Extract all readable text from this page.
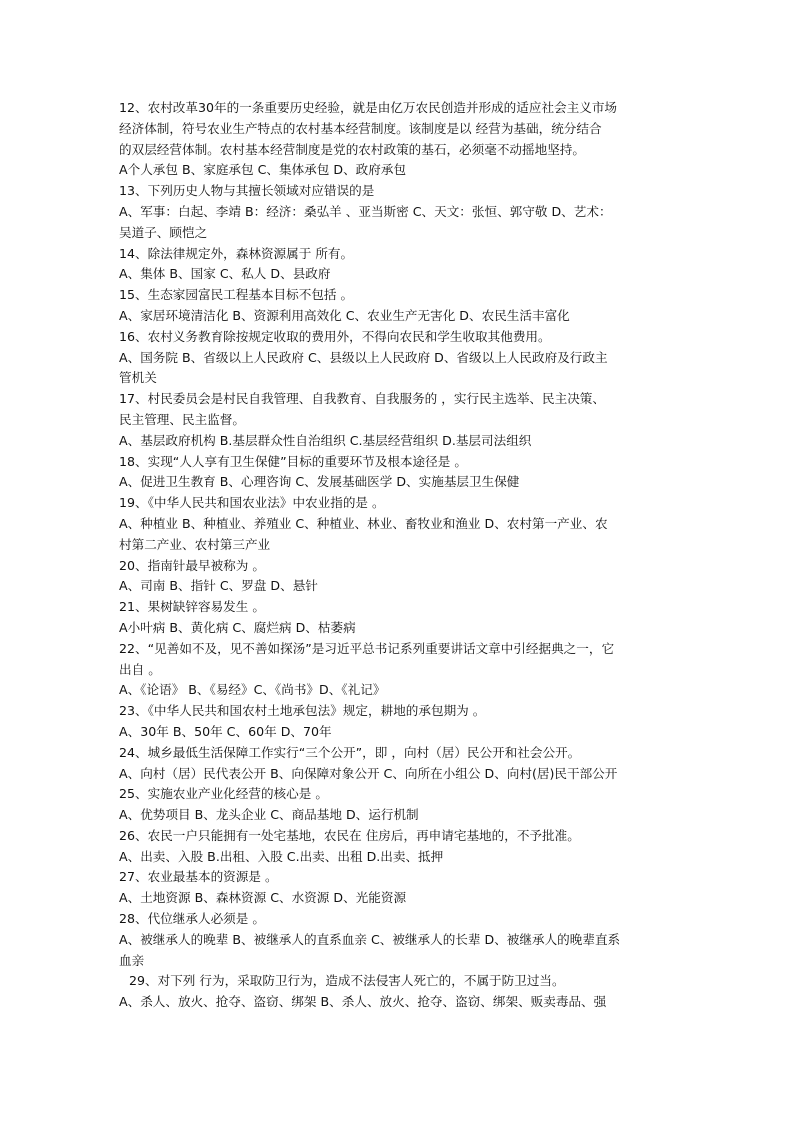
12、农村改革30年的一条重要历史经验，就是由亿万农民创造并形成的适应社会主义市场
经济体制，符号农业生产特点的农村基本经营制度。该制度是以 经营为基础，统分结合
的双层经营体制。农村基本经营制度是党的农村政策的基石，必须毫不动摇地坚持。
A个人承包 B、家庭承包 C、集体承包 D、政府承包
13、下列历史人物与其擅长领域对应错误的是
A、军事：白起、李靖 B：经济：桑弘羊 、亚当斯密 C、天文：张恒、郭守敬 D、艺术：
吴道子、顾恺之
14、除法律规定外，森林资源属于 所有。
A、集体 B、国家 C、私人 D、县政府
15、生态家园富民工程基本目标不包括 。
A、家居环境清洁化 B、资源利用高效化 C、农业生产无害化 D、农民生活丰富化
16、农村义务教育除按规定收取的费用外，不得向农民和学生收取其他费用。
A、国务院 B、省级以上人民政府 C、县级以上人民政府 D、省级以上人民政府及行政主
管机关
17、村民委员会是村民自我管理、自我教育、自我服务的 ，实行民主选举、民主决策、
民主管理、民主监督。
A、基层政府机构 B.基层群众性自治组织 C.基层经营组织 D.基层司法组织
18、实现“人人享有卫生保健”目标的重要环节及根本途径是 。
A、促进卫生教育 B、心理咨询 C、发展基础医学 D、实施基层卫生保健
19、《中华人民共和国农业法》中农业指的是 。
A、种植业 B、种植业、养殖业 C、种植业、林业、畜牧业和渔业 D、农村第一产业、农
村第二产业、农村第三产业
20、指南针最早被称为 。
A、司南 B、指针 C、罗盘 D、悬针
21、果树缺锌容易发生 。
A小叶病 B、黄化病 C、腐烂病 D、枯萎病
22、“见善如不及，见不善如探汤”是习近平总书记系列重要讲话文章中引经据典之一，它
出自 。
A、《论语》 B、《易经》C、《尚书》D、《礼记》
23、《中华人民共和国农村土地承包法》规定，耕地的承包期为 。
A、30年 B、50年 C、60年 D、70年
24、城乡最低生活保障工作实行“三个公开”，即 ，向村（居）民公开和社会公开。
A、向村（居）民代表公开 B、向保障对象公开 C、向所在小组公 D、向村(居)民干部公开
25、实施农业产业化经营的核心是 。
A、优势项目 B、龙头企业 C、商品基地 D、运行机制
26、农民一户只能拥有一处宅基地，农民在 住房后，再申请宅基地的，不予批准。
A、出卖、入股 B.出租、入股 C.出卖、出租 D.出卖、抵押
27、农业最基本的资源是 。
A、土地资源 B、森林资源 C、水资源 D、光能资源
28、代位继承人必须是 。
A、被继承人的晚辈 B、被继承人的直系血亲 C、被继承人的长辈 D、被继承人的晚辈直系
血亲
29、对下列 行为，采取防卫行为，造成不法侵害人死亡的，不属于防卫过当。
A、杀人、放火、抢夺、盗窃、绑架 B、杀人、放火、抢夺、盗窃、绑架、贩卖毒品、强
